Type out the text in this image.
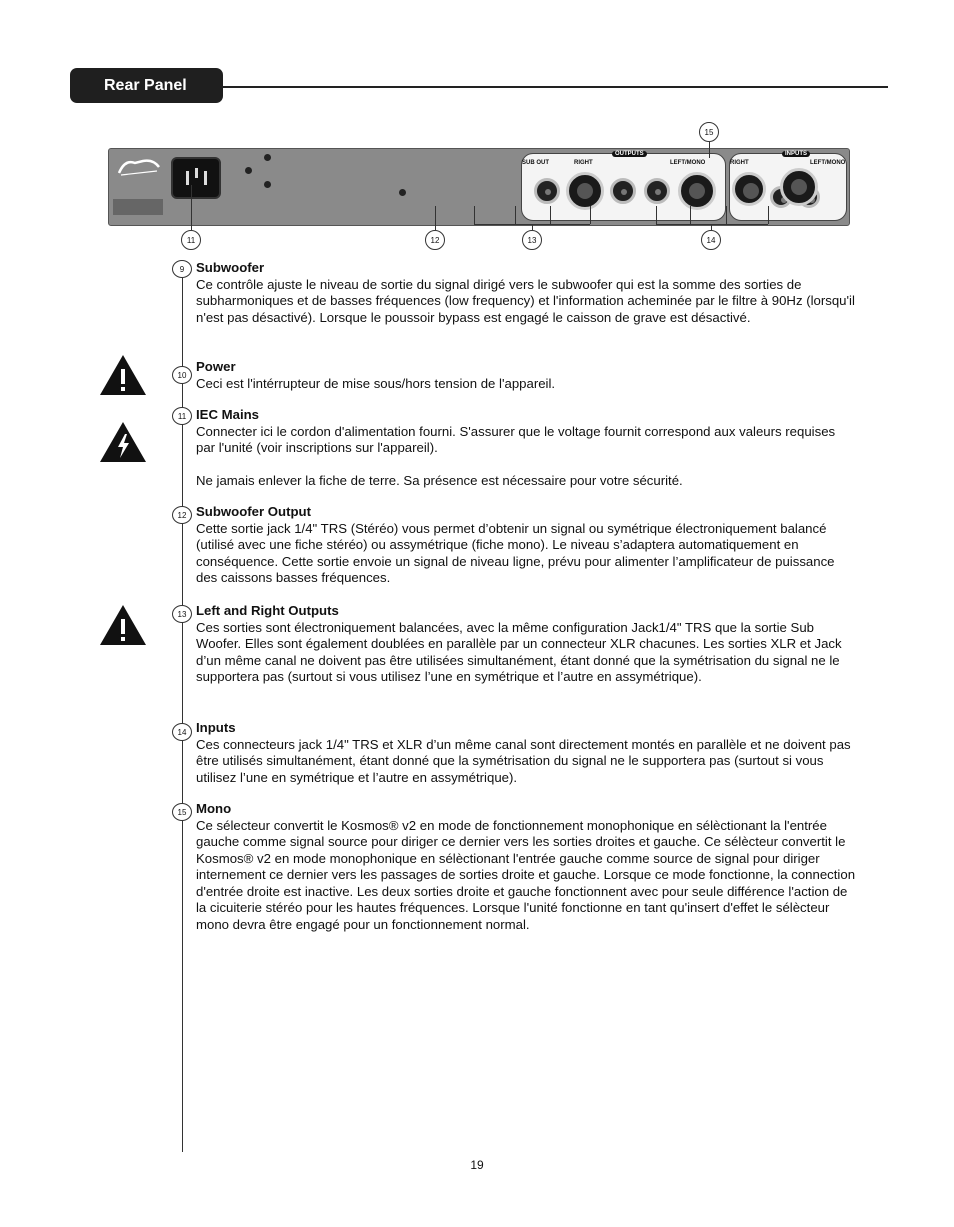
Rear Panel
SUB OUT	RIGHT
OUTPUTS
LEFT/MONO	RIGHT
INPUTS
LEFT/MONO
15
11	12	13	14
9 Subwoofer

Ce contrôle ajuste le niveau de sortie du signal dirigé vers le subwoofer qui est la somme des sorties de subharmoniques et de basses fréquences (low frequency) et l'information acheminée par le filtre à 90Hz (lorsqu'il n'est pas désactivé). Lorsque le poussoir bypass est engagé le caisson de grave est désactivé.

10
Power

Ceci est l'intérrupteur de mise sous/hors tension de l'appareil.

11 IEC Mains

Connecter ici le cordon d'alimentation fourni. S'assurer que le voltage fournit correspond aux valeurs requises par l'unité (voir inscriptions sur l'appareil).

Ne jamais enlever la fiche de terre. Sa présence est nécessaire pour votre sécurité.

12 Subwoofer Output

Cette sortie jack 1/4" TRS (Stéréo) vous permet d’obtenir un signal ou symétrique électroniquement balancé (utilisé avec une fiche stéréo) ou assymétrique (fiche mono). Le niveau s’adaptera automatiquement en conséquence. Cette sortie envoie un signal de niveau ligne, prévu pour alimenter l’amplificateur de puissance des caissons basses fréquences.

13 Left and Right Outputs

Ces sorties sont électroniquement balancées, avec la même configuration Jack1/4" TRS que la sortie Sub Woofer. Elles sont également doublées en parallèle par un connecteur XLR chacunes. Les sorties XLR et Jack d’un même canal ne doivent pas être utilisées simultanément, étant donné que la symétrisation du signal ne le supportera pas (surtout si vous utilisez l’une en symétrique et l’autre en assymétrique).

14 Inputs

Ces connecteurs jack 1/4" TRS et XLR d’un même canal sont directement montés en parallèle et ne doivent pas être utilisés simultanément, étant donné que la symétrisation du signal ne le supportera pas (surtout si vous utilisez l’une en symétrique et l’autre en assymétrique).

15 Mono

Ce sélecteur convertit le Kosmos® v2 en mode de fonctionnement monophonique en sélèctionant la l'entrée gauche comme signal source pour diriger ce dernier vers les sorties droites et gauche. Ce sélècteur convertit le Kosmos® v2 en mode monophonique en sélèctionant l'entrée gauche comme source de signal pour diriger internement ce dernier vers les passages de sorties droite et gauche. Lorsque ce mode fonctionne, la connection d'entrée droite est inactive. Les deux sorties droite et gauche fonctionnent avec pour seule différence l'action de la cicuiterie stéréo pour les hautes fréquences. Lorsque l'unité fonctionne en tant qu'insert d'effet le sélècteur mono devra être engagé pour un fonctionnement normal.

19
